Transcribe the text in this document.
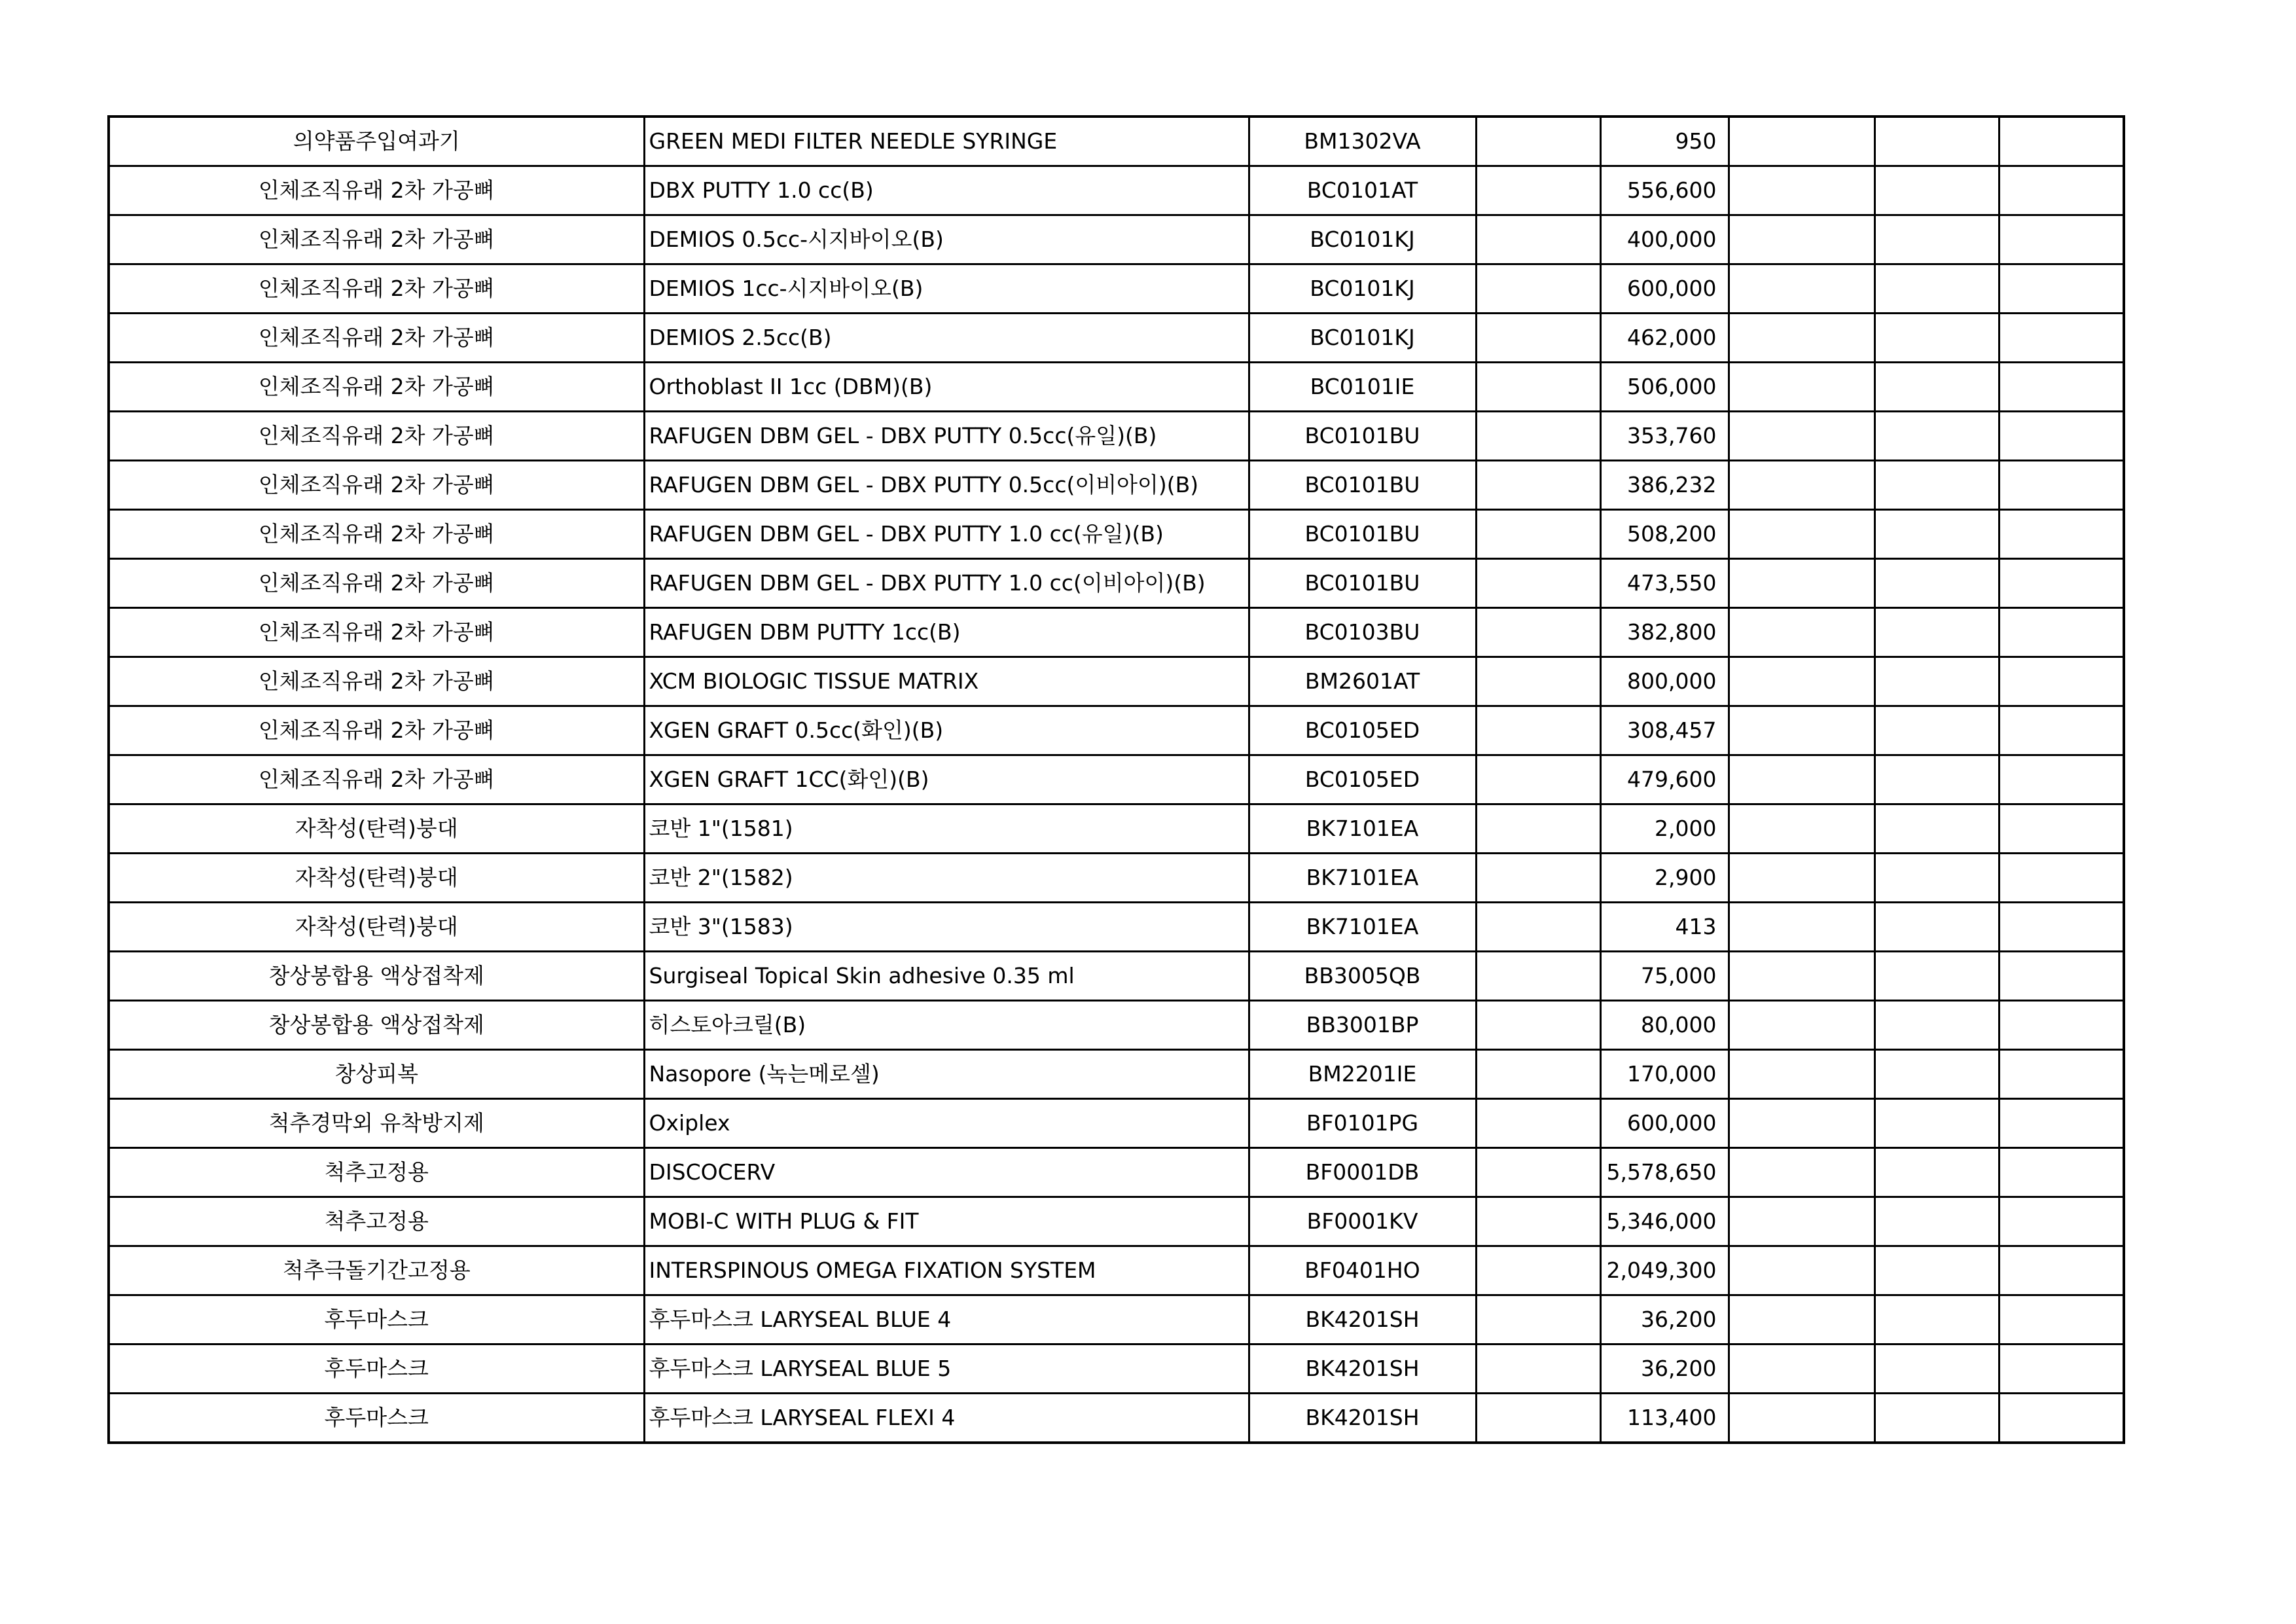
의약품주입여과기	GREEN MEDI FILTER NEEDLE SYRINGE	BM1302VA		950			
인체조직유래 2차 가공뼈	DBX PUTTY 1.0 cc(B)	BC0101AT		556,600			
인체조직유래 2차 가공뼈	DEMIOS 0.5cc-시지바이오(B)	BC0101KJ		400,000			
인체조직유래 2차 가공뼈	DEMIOS 1cc-시지바이오(B)	BC0101KJ		600,000			
인체조직유래 2차 가공뼈	DEMIOS 2.5cc(B)	BC0101KJ		462,000			
인체조직유래 2차 가공뼈	Orthoblast II 1cc (DBM)(B)	BC0101IE		506,000			
인체조직유래 2차 가공뼈	RAFUGEN DBM GEL - DBX PUTTY 0.5cc(유일)(B)	BC0101BU		353,760			
인체조직유래 2차 가공뼈	RAFUGEN DBM GEL - DBX PUTTY 0.5cc(이비아이)(B)	BC0101BU		386,232			
인체조직유래 2차 가공뼈	RAFUGEN DBM GEL - DBX PUTTY 1.0 cc(유일)(B)	BC0101BU		508,200			
인체조직유래 2차 가공뼈	RAFUGEN DBM GEL - DBX PUTTY 1.0 cc(이비아이)(B)	BC0101BU		473,550			
인체조직유래 2차 가공뼈	RAFUGEN DBM PUTTY 1cc(B)	BC0103BU		382,800			
인체조직유래 2차 가공뼈	XCM BIOLOGIC TISSUE MATRIX	BM2601AT		800,000			
인체조직유래 2차 가공뼈	XGEN GRAFT 0.5cc(화인)(B)	BC0105ED		308,457			
인체조직유래 2차 가공뼈	XGEN GRAFT 1CC(화인)(B)	BC0105ED		479,600			
자착성(탄력)붕대	코반 1"(1581)	BK7101EA		2,000			
자착성(탄력)붕대	코반 2"(1582)	BK7101EA		2,900			
자착성(탄력)붕대	코반 3"(1583)	BK7101EA		413			
창상봉합용 액상접착제	Surgiseal Topical Skin adhesive 0.35 ml	BB3005QB		75,000			
창상봉합용 액상접착제	히스토아크릴(B)	BB3001BP		80,000			
창상피복	Nasopore (녹는메로셀)	BM2201IE		170,000			
척추경막외 유착방지제	Oxiplex	BF0101PG		600,000			
척추고정용	DISCOCERV	BF0001DB		5,578,650			
척추고정용	MOBI-C WITH PLUG & FIT	BF0001KV		5,346,000			
척추극돌기간고정용	INTERSPINOUS OMEGA FIXATION SYSTEM	BF0401HO		2,049,300			
후두마스크	후두마스크 LARYSEAL BLUE 4	BK4201SH		36,200			
후두마스크	후두마스크 LARYSEAL BLUE 5	BK4201SH		36,200			
후두마스크	후두마스크 LARYSEAL FLEXI 4	BK4201SH		113,400			
